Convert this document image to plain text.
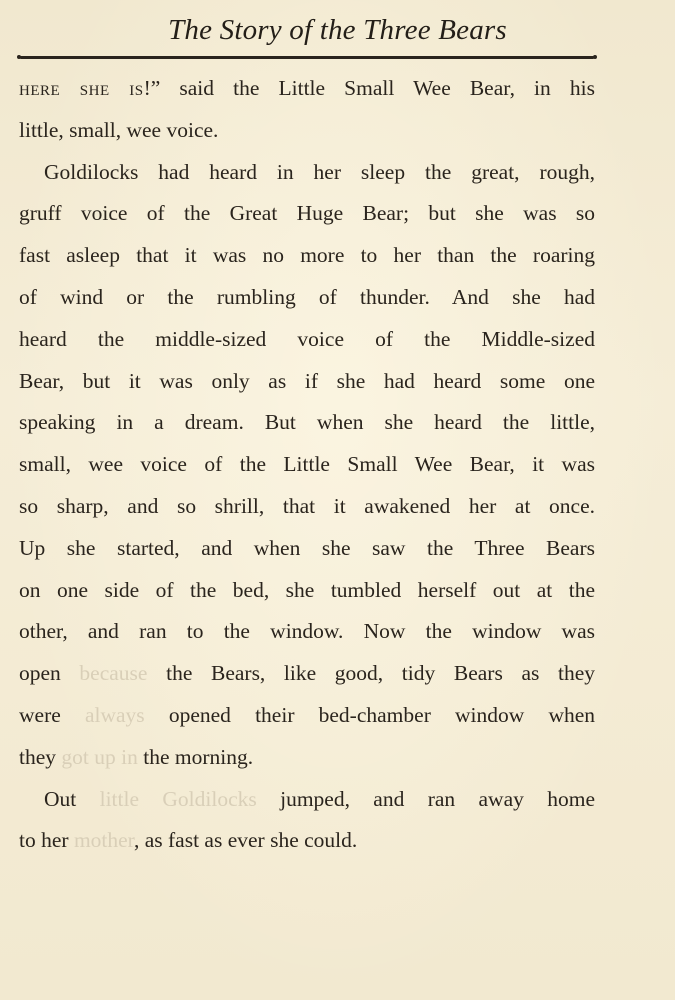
The Story of the Three Bears
here she is!” said the Little Small Wee Bear, in his
little, small, wee voice.
Goldilocks had heard in her sleep the great, rough,
gruff voice of the Great Huge Bear; but she was so
fast asleep that it was no more to her than the roaring
of wind or the rumbling of thunder. And she had
heard the middle-sized voice of the Middle-sized
Bear, but it was only as if she had heard some one
speaking in a dream. But when she heard the little,
small, wee voice of the Little Small Wee Bear, it was
so sharp, and so shrill, that it awakened her at once.
Up she started, and when she saw the Three Bears
on one side of the bed, she tumbled herself out at the
other, and ran to the window. Now the window was
open because the Bears, like good, tidy Bears as they
were always opened their bed-chamber window when
they got up in the morning.
Out little Goldilocks jumped, and ran away home
to her mother, as fast as ever she could.
